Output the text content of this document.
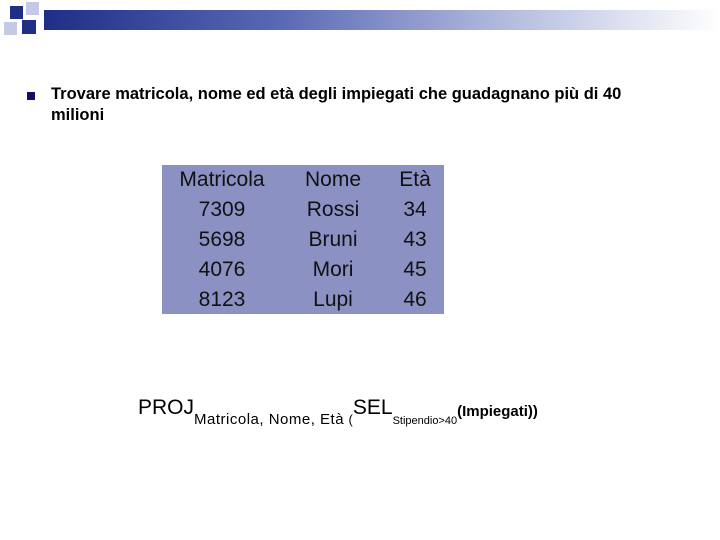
Trovare matricola, nome ed età degli impiegati che guadagnano più di 40 milioni
Matricola
7309
5698
4076
8123
Nome
Rossi
Bruni
Mori
Lupi
Età
34
43
45
46
PROJMatricola, Nome, Età $_(SEL_{Stipendio>40}(Impiegati)$)
